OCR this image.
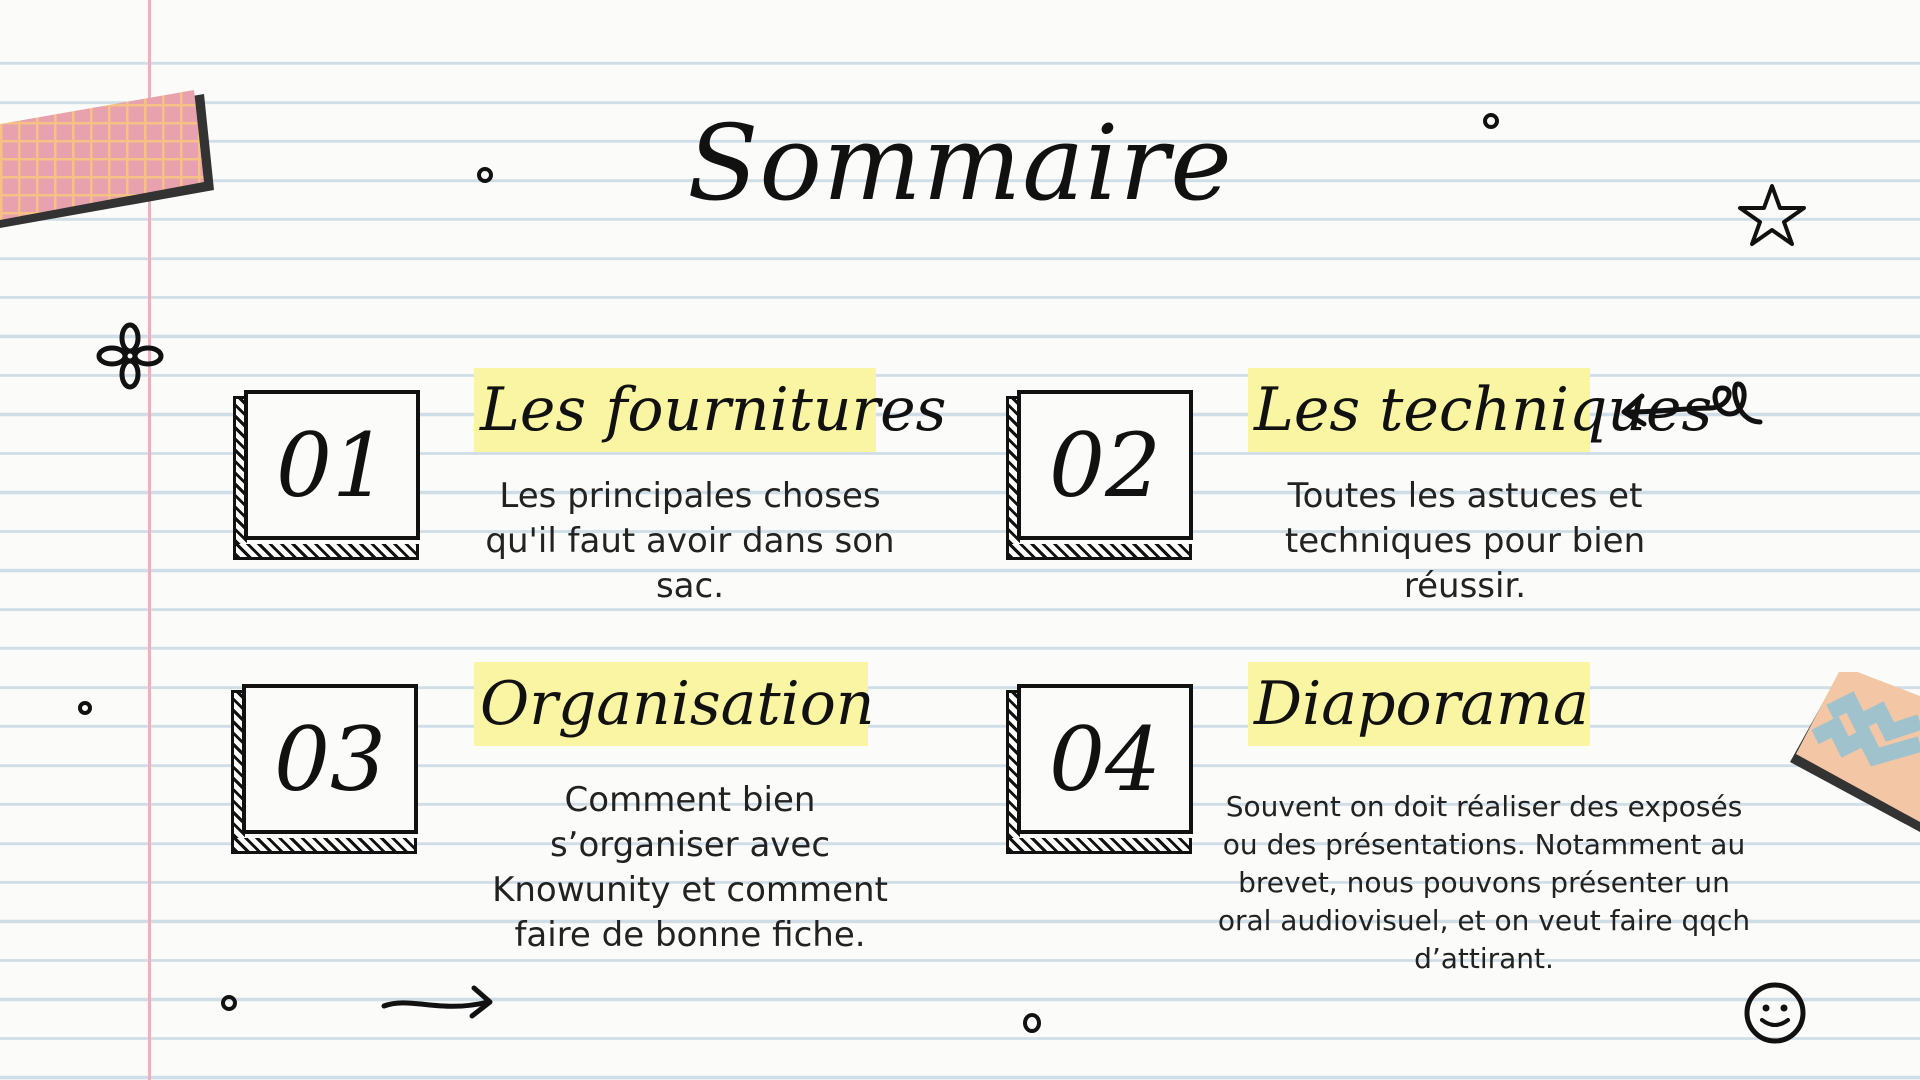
Sommaire
01
Les fournitures
Les principales choses qu'il faut avoir dans son sac.
02
Les techniques
Toutes les astuces et techniques pour bien réussir.
03
Organisation
Comment bien s’organiser avec Knowunity et comment faire de bonne fiche.
04
Diaporama
Souvent on doit réaliser des exposés ou des présentations. Notamment au brevet, nous pouvons présenter un oral audiovisuel, et on veut faire qqch d’attirant.
